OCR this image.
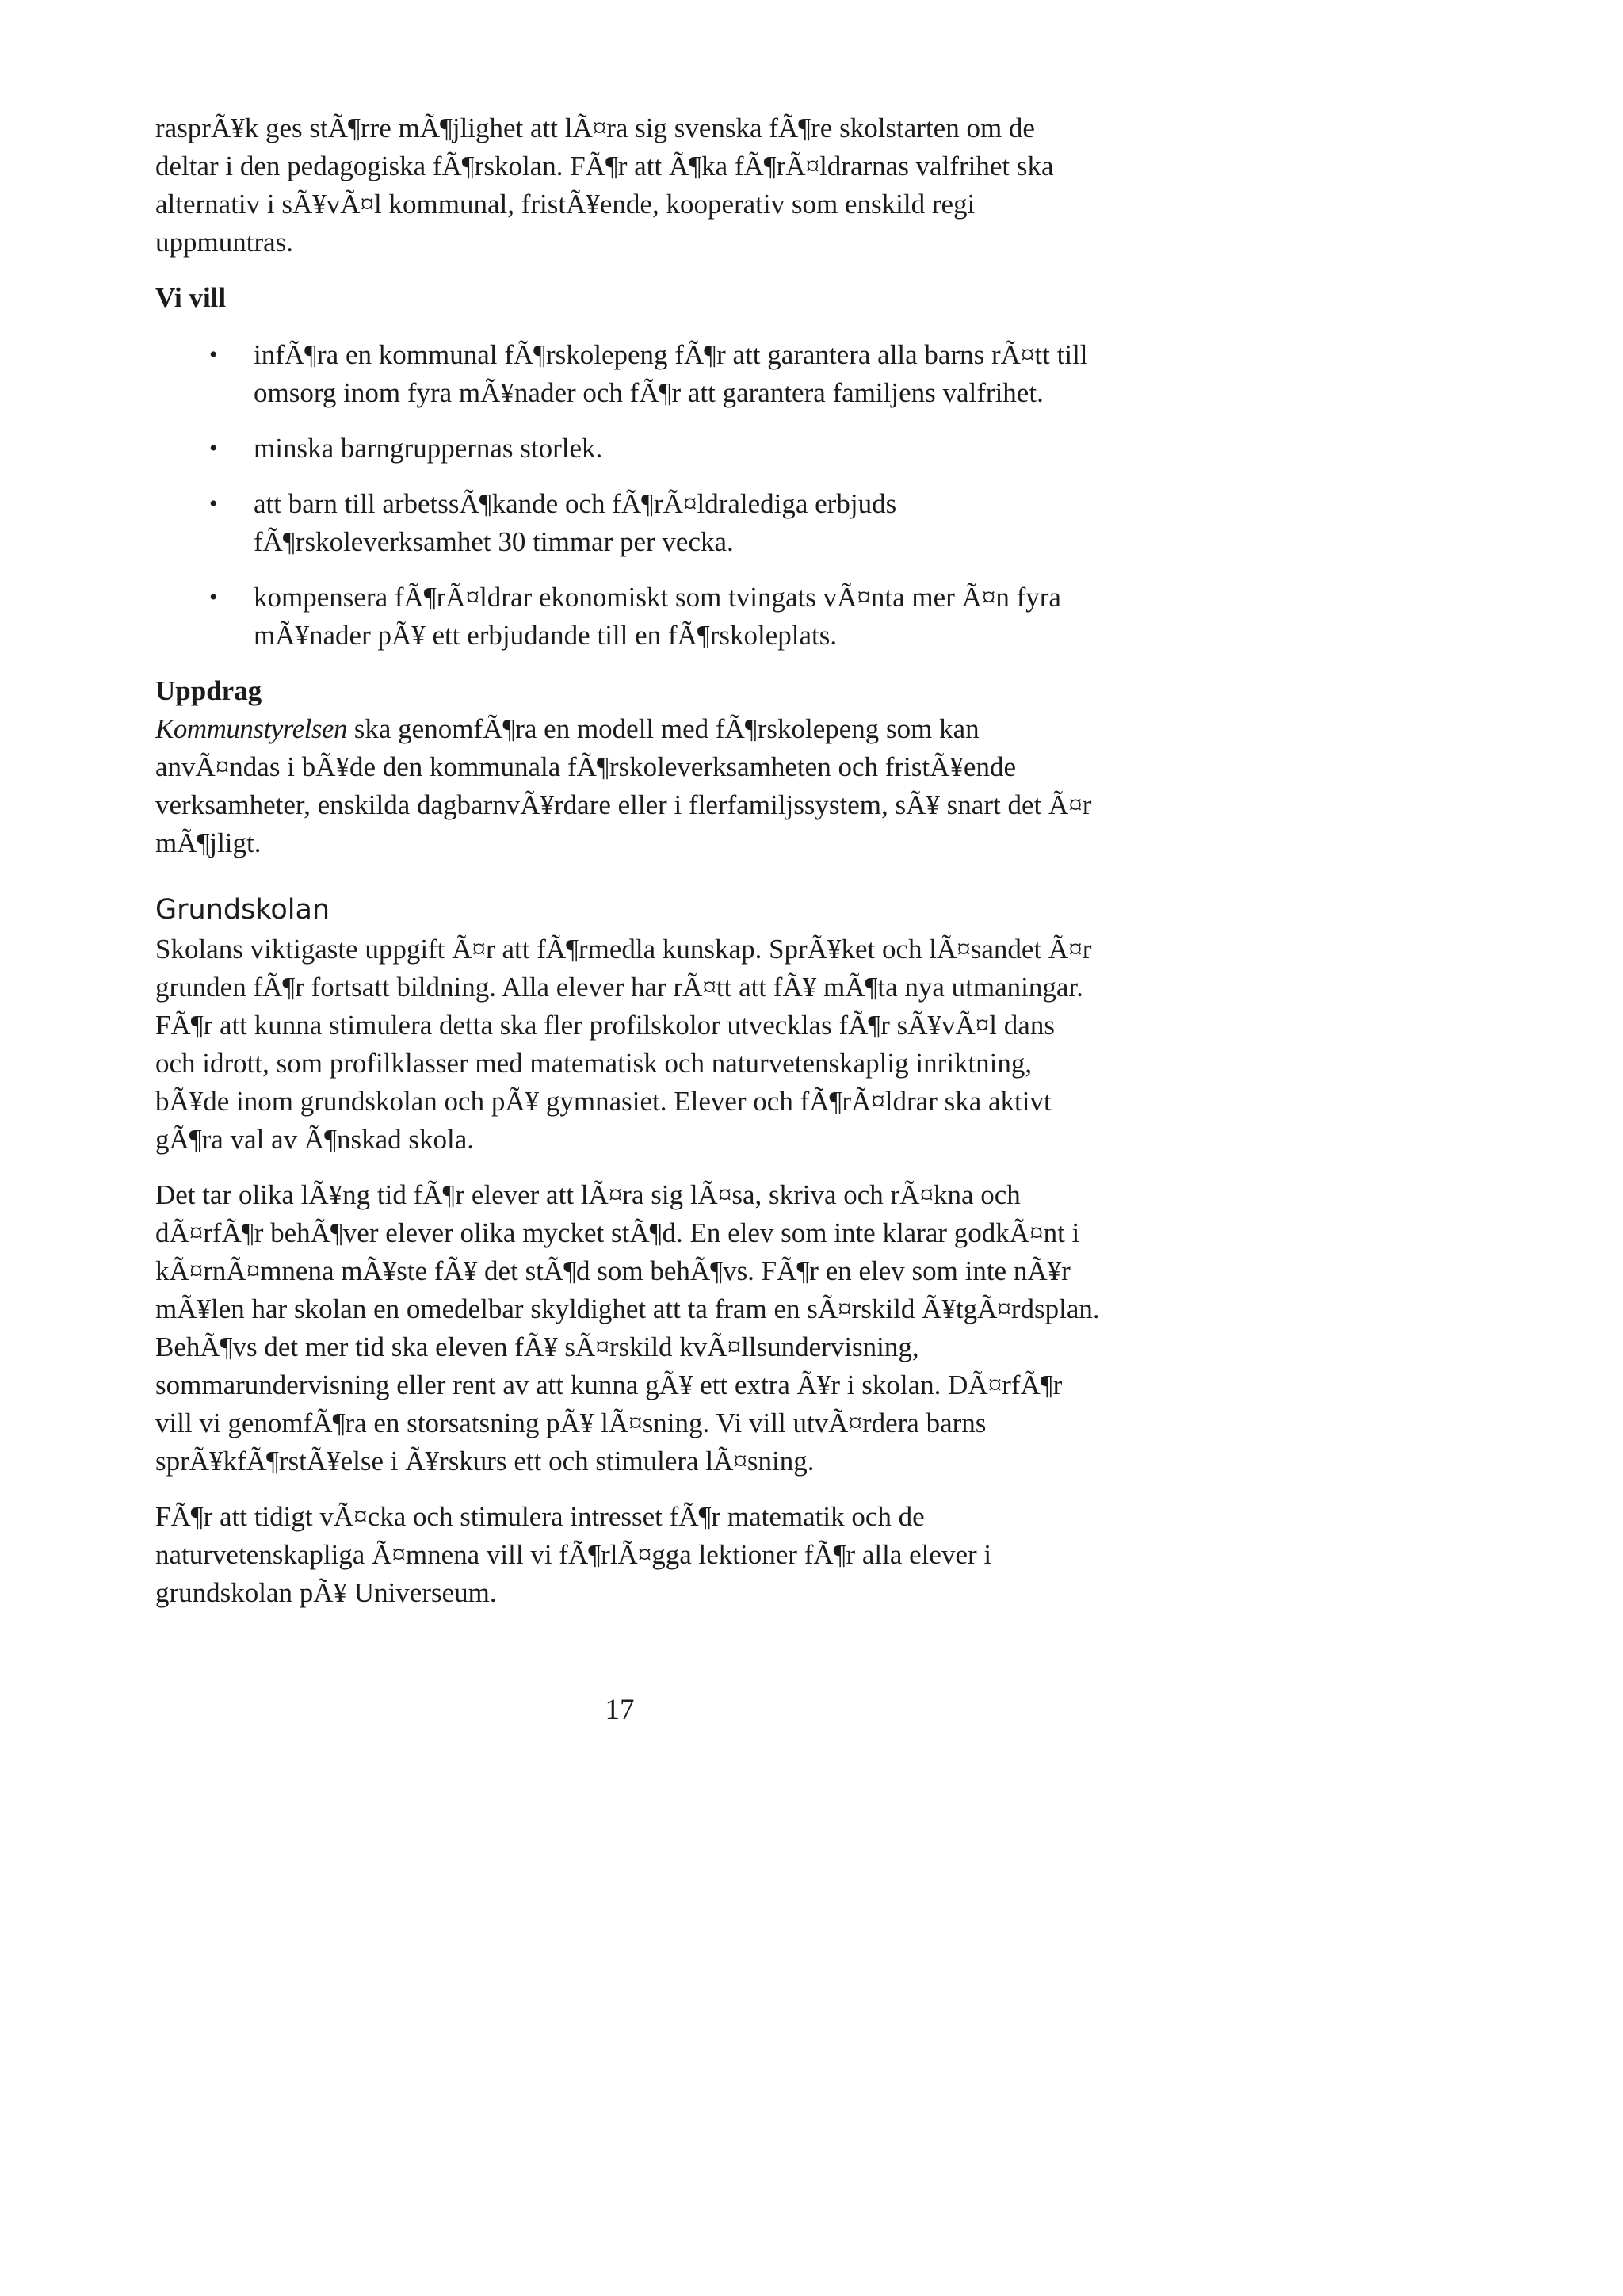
rasprÃ¥k ges stÃ¶rre mÃ¶jlighet att lÃ¤ra sig svenska fÃ¶re skolstarten om de deltar i den pedagogiska fÃ¶rskolan. FÃ¶r att Ã¶ka fÃ¶rÃ¤ldrarnas valfrihet ska alternativ i sÃ¥vÃ¤l kommunal, fristÃ¥ende, kooperativ som enskild regi uppmuntras.

Vi vill

• infÃ¶ra en kommunal fÃ¶rskolepeng fÃ¶r att garantera alla barns rÃ¤tt till omsorg inom fyra mÃ¥nader och fÃ¶r att garantera familjens valfrihet.
• minska barngruppernas storlek.
• att barn till arbetssÃ¶kande och fÃ¶rÃ¤ldralediga erbjuds fÃ¶rskoleverksamhet 30 timmar per vecka.
• kompensera fÃ¶rÃ¤ldrar ekonomiskt som tvingats vÃ¤nta mer Ã¤n fyra mÃ¥nader pÃ¥ ett erbjudande till en fÃ¶rskoleplats.

Uppdrag

Kommunstyrelsen ska genomfÃ¶ra en modell med fÃ¶rskolepeng som kan anvÃ¤ndas i bÃ¥de den kommunala fÃ¶rskoleverksamheten och fristÃ¥ende verksamheter, enskilda dagbarnvÃ¥rdare eller i flerfamiljssystem, sÃ¥ snart det Ã¤r mÃ¶jligt.

Grundskolan

Skolans viktigaste uppgift Ã¤r att fÃ¶rmedla kunskap. SprÃ¥ket och lÃ¤sandet Ã¤r grunden fÃ¶r fortsatt bildning. Alla elever har rÃ¤tt att fÃ¥ mÃ¶ta nya utmaningar. FÃ¶r att kunna stimulera detta ska fler profilskolor utvecklas fÃ¶r sÃ¥vÃ¤l dans och idrott, som profilklasser med matematisk och naturvetenskaplig inriktning, bÃ¥de inom grundskolan och pÃ¥ gymnasiet. Elever och fÃ¶rÃ¤ldrar ska aktivt gÃ¶ra val av Ã¶nskad skola.

Det tar olika lÃ¥ng tid fÃ¶r elever att lÃ¤ra sig lÃ¤sa, skriva och rÃ¤kna och dÃ¤rfÃ¶r behÃ¶ver elever olika mycket stÃ¶d. En elev som inte klarar godkÃ¤nt i kÃ¤rnÃ¤mnena mÃ¥ste fÃ¥ det stÃ¶d som behÃ¶vs. FÃ¶r en elev som inte nÃ¥r mÃ¥len har skolan en omedelbar skyldighet att ta fram en sÃ¤rskild Ã¥tgÃ¤rdsplan. BehÃ¶vs det mer tid ska eleven fÃ¥ sÃ¤rskild kvÃ¤llsundervisning, sommarundervisning eller rent av att kunna gÃ¥ ett extra Ã¥r i skolan. DÃ¤rfÃ¶r vill vi genomfÃ¶ra en storsatsning pÃ¥ lÃ¤sning. Vi vill utvÃ¤rdera barns sprÃ¥kfÃ¶rstÃ¥else i Ã¥rskurs ett och stimulera lÃ¤sning.

FÃ¶r att tidigt vÃ¤cka och stimulera intresset fÃ¶r matematik och de naturvetenskapliga Ã¤mnena vill vi fÃ¶rlÃ¤gga lektioner fÃ¶r alla elever i grundskolan pÃ¥ Universeum.

17
